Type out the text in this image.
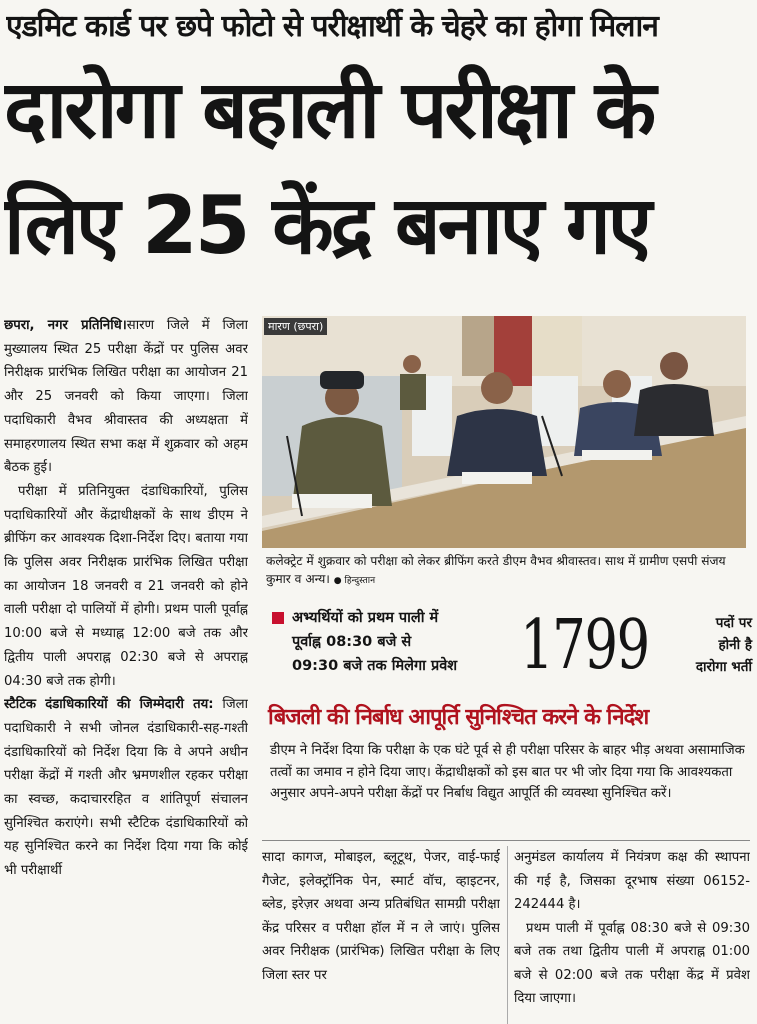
एडमिट कार्ड पर छपे फोटो से परीक्षार्थी के चेहरे का होगा मिलान
दारोगा बहाली परीक्षा के
लिए 25 केंद्र बनाए गए

छपरा, नगर प्रतिनिधि।सारण जिले में जिला मुख्यालय स्थित 25 परीक्षा केंद्रों पर पुलिस अवर निरीक्षक प्रारंभिक लिखित परीक्षा का आयोजन 21 और 25 जनवरी को किया जाएगा। जिला पदाधिकारी वैभव श्रीवास्तव की अध्यक्षता में समाहरणालय स्थित सभा कक्ष में शुक्रवार को अहम बैठक हुई।

परीक्षा में प्रतिनियुक्त दंडाधिकारियों, पुलिस पदाधिकारियों और केंद्राधीक्षकों के साथ डीएम ने ब्रीफिंग कर आवश्यक दिशा-निर्देश दिए। बताया गया कि पुलिस अवर निरीक्षक प्रारंभिक लिखित परीक्षा का आयोजन 18 जनवरी व 21 जनवरी को होने वाली परीक्षा दो पालियों में होगी। प्रथम पाली पूर्वाह्न 10:00 बजे से मध्याह्न 12:00 बजे तक और द्वितीय पाली अपराह्न 02:30 बजे से अपराह्न 04:30 बजे तक होगी।

स्टैटिक दंडाधिकारियों की जिम्मेदारी तय: जिला पदाधिकारी ने सभी जोनल दंडाधिकारी-सह-गश्ती दंडाधिकारियों को निर्देश दिया कि वे अपने अधीन परीक्षा केंद्रों में गश्ती और भ्रमणशील रहकर परीक्षा का स्वच्छ, कदाचाररहित व शांतिपूर्ण संचालन सुनिश्चित कराएंगे। सभी स्टैटिक दंडाधिकारियों को यह सुनिश्चित करने का निर्देश दिया गया कि कोई भी परीक्षार्थी

मारण (छपरा)
कलेक्ट्रेट में शुक्रवार को परीक्षा को लेकर ब्रीफिंग करते डीएम वैभव श्रीवास्तव। साथ में ग्रामीण एसपी संजय कुमार व अन्य। ● हिन्दुस्तान
अभ्यर्थियों को प्रथम पाली में
पूर्वाह्न 08:30 बजे से
09:30 बजे तक मिलेगा प्रवेश 1799	पदों पर
होनी है
दारोगा भर्ती
बिजली की निर्बाध आपूर्ति सुनिश्चित करने के निर्देश
डीएम ने निर्देश दिया कि परीक्षा के एक घंटे पूर्व से ही परीक्षा परिसर के बाहर भीड़ अथवा असामाजिक तत्वों का जमाव न होने दिया जाए। केंद्राधीक्षकों को इस बात पर भी जोर दिया गया कि आवश्यकता अनुसार अपने-अपने परीक्षा केंद्रों पर निर्बाध विद्युत आपूर्ति की व्यवस्था सुनिश्चित करें।
सादा कागज, मोबाइल, ब्लूटूथ, पेजर, वाई-फाई गैजेट, इलेक्ट्रॉनिक पेन, स्मार्ट वॉच, व्हाइटनर, ब्लेड, इरेज़र अथवा अन्य प्रतिबंधित सामग्री परीक्षा केंद्र परिसर व परीक्षा हॉल में न ले जाएं। पुलिस अवर निरीक्षक (प्रारंभिक) लिखित परीक्षा के लिए जिला स्तर पर

अनुमंडल कार्यालय में नियंत्रण कक्ष की स्थापना की गई है, जिसका दूरभाष संख्या 06152-242444 है।

प्रथम पाली में पूर्वाह्न 08:30 बजे से 09:30 बजे तक तथा द्वितीय पाली में अपराह्न 01:00 बजे से 02:00 बजे तक परीक्षा केंद्र में प्रवेश दिया जाएगा।
